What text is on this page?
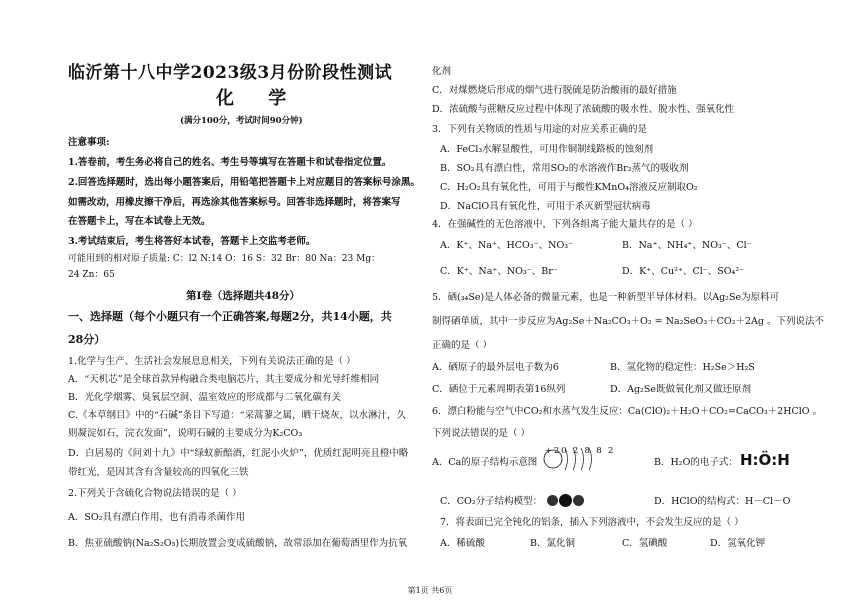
临沂第十八中学2023级3月份阶段性测试
化 学
(满分100分，考试时间90分钟)
注意事项:
1.答卷前，考生务必将自己的姓名、考生号等填写在答题卡和试卷指定位置。
2.回答选择题时，选出每小题答案后，用铅笔把答题卡上对应题目的答案标号涂黑。
如需改动，用橡皮擦干净后，再选涂其他答案标号。回答非选择题时，将答案写
在答题卡上，写在本试卷上无效。
3.考试结束后，考生将答好本试卷，答题卡上交监考老师。
可能用到的相对原子质量: C：l2 N:14 O：16 S：32 Br：80 Na：23 Mg：
24 Zn：65
第Ⅰ卷（选择题共48分）
一、选择题（每个小题只有一个正确答案,每题2分，共14小题，共
28分）
1.化学与生产、生活社会发展息息相关，下列有关说法正确的是（ ）
A．“天机芯”是全球首款异构融合类电脑芯片，其主要成分和光导纤维相同
B．光化学烟雾、臭氧层空洞、温室效应的形成都与二氧化碳有关
C.《本草纲目》中的“石碱”条目下写道：“采蒿蓼之属，晒干烧灰，以水淋汁，久
则凝淀如石，浣衣发面”，说明石碱的主要成分为K₂CO₃
D．白居易的《问刘十九》中“绿蚁新醅酒，红泥小火炉”，优质红泥明亮且橙中略
带红光，是因其含有含量较高的四氧化三铁
2.下列关于含硫化合物说法错误的是（ ）
A．SO₂具有漂白作用，也有消毒杀菌作用
B．焦亚硫酸钠(Na₂S₂O₅)长期放置会变成硫酸钠，故常添加在葡萄酒里作为抗氧
化剂
C．对煤燃烧后形成的烟气进行脱硫是防治酸雨的最好措施
D．浓硫酸与蔗糖反应过程中体现了浓硫酸的吸水性、脱水性、强氧化性
3．下列有关物质的性质与用途的对应关系正确的是
A．FeCl₃水解显酸性，可用作铜制线路板的蚀刻剂
B．SO₂具有漂白性，常用SO₂的水溶液作Br₂蒸气的吸收剂
C．H₂O₂具有氧化性，可用于与酸性KMnO₄溶液反应制取O₂
D．NaClO具有氧化性，可用于杀灭新型冠状病毒
4．在强碱性的无色溶液中，下列各组离子能大量共存的是（ ）
A．K⁺、Na⁺、HCO₃⁻、NO₃⁻	B．Na⁺、NH₄⁺、NO₃⁻、Cl⁻
C．K⁺、Na⁺、NO₃⁻、Br⁻	D．K⁺、Cu²⁺、Cl⁻、SO₄²⁻
5．硒(₃₄Se)是人体必备的微量元素，也是一种新型半导体材料。以Ag₂Se为原料可
制得硒单质，其中一步反应为Ag₂Se＋Na₂CO₃＋O₂ = Na₂SeO₃＋CO₂＋2Ag 。下列说法不
正确的是（ ）
A．硒原子的最外层电子数为6	B．氢化物的稳定性：H₂Se＞H₂S
C．硒位于元素周期表第16纵列	D．Ag₂Se既做氧化剂又做还原剂
6．漂白粉能与空气中CO₂和水蒸气发生反应：Ca(ClO)₂＋H₂O＋CO₂=CaCO₃＋2HClO 。
下列说法错误的是（ ）
A．Ca的原子结构示意图	B．H₂O的电子式： H:Ö:H
C．CO₂分子结构模型：	D．HClO的结构式：H－Cl－O
7．将表面已完全钝化的铝条，插入下列溶液中，不会发生反应的是（ ）
A．稀硫酸	B．氯化铜	C．氢碘酸	D．氢氧化钾
+20 2 8 8 2
第1页 共6页
